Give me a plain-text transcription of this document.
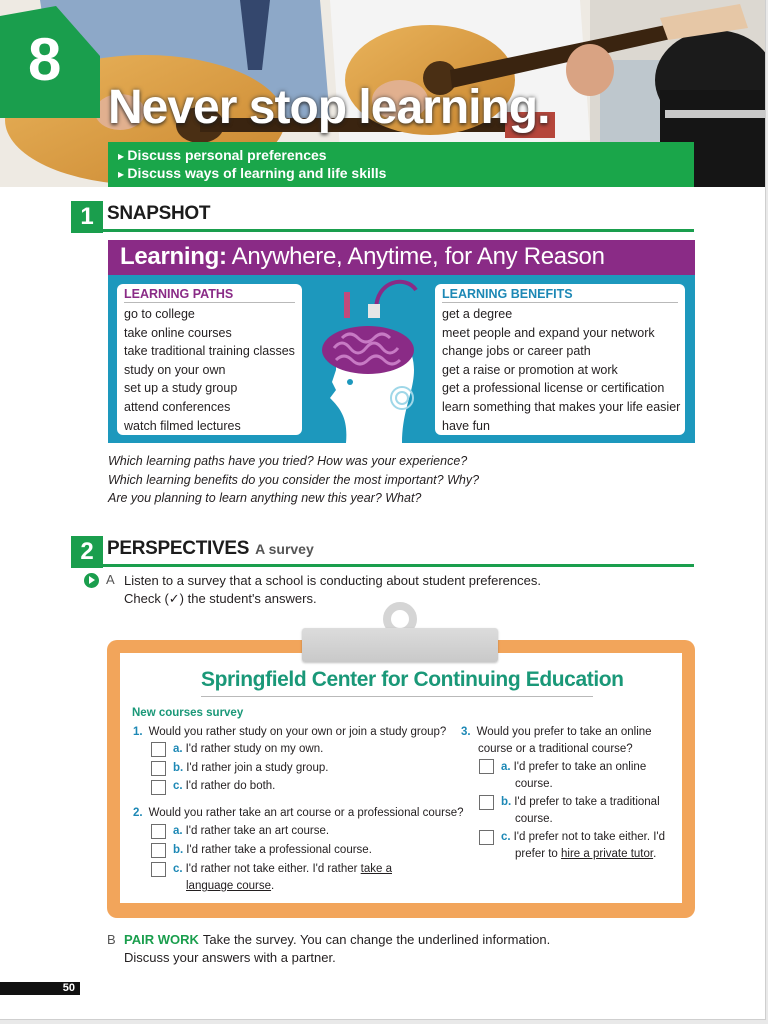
8
Never stop learning.
▸ Discuss personal preferences
▸ Discuss ways of learning and life skills
1 SNAPSHOT
Learning: Anywhere, Anytime, for Any Reason
LEARNING PATHS
go to college
take online courses
take traditional training classes
study on your own
set up a study group
attend conferences
watch filmed lectures
LEARNING BENEFITS
get a degree
meet people and expand your network
change jobs or career path
get a raise or promotion at work
get a professional license or certification
learn something that makes your life easier
have fun
Which learning paths have you tried? How was your experience?
Which learning benefits do you consider the most important? Why?
Are you planning to learn anything new this year? What?
2 PERSPECTIVES A survey
A Listen to a survey that a school is conducting about student preferences.
Check (✓) the student's answers.
Springfield Center for Continuing Education
New courses survey
1. Would you rather study on your own or join a study group?
a. I'd rather study on my own.
b. I'd rather join a study group.
c. I'd rather do both.
2. Would you rather take an art course or a professional course?
a. I'd rather take an art course.
b. I'd rather take a professional course.
c. I'd rather not take either. I'd rather take a
language course.
3. Would you prefer to take an online
course or a traditional course?
a. I'd prefer to take an online
course.
b. I'd prefer to take a traditional
course.
c. I'd prefer not to take either. I'd
prefer to hire a private tutor.
B PAIR WORK Take the survey. You can change the underlined information.
Discuss your answers with a partner.
50
